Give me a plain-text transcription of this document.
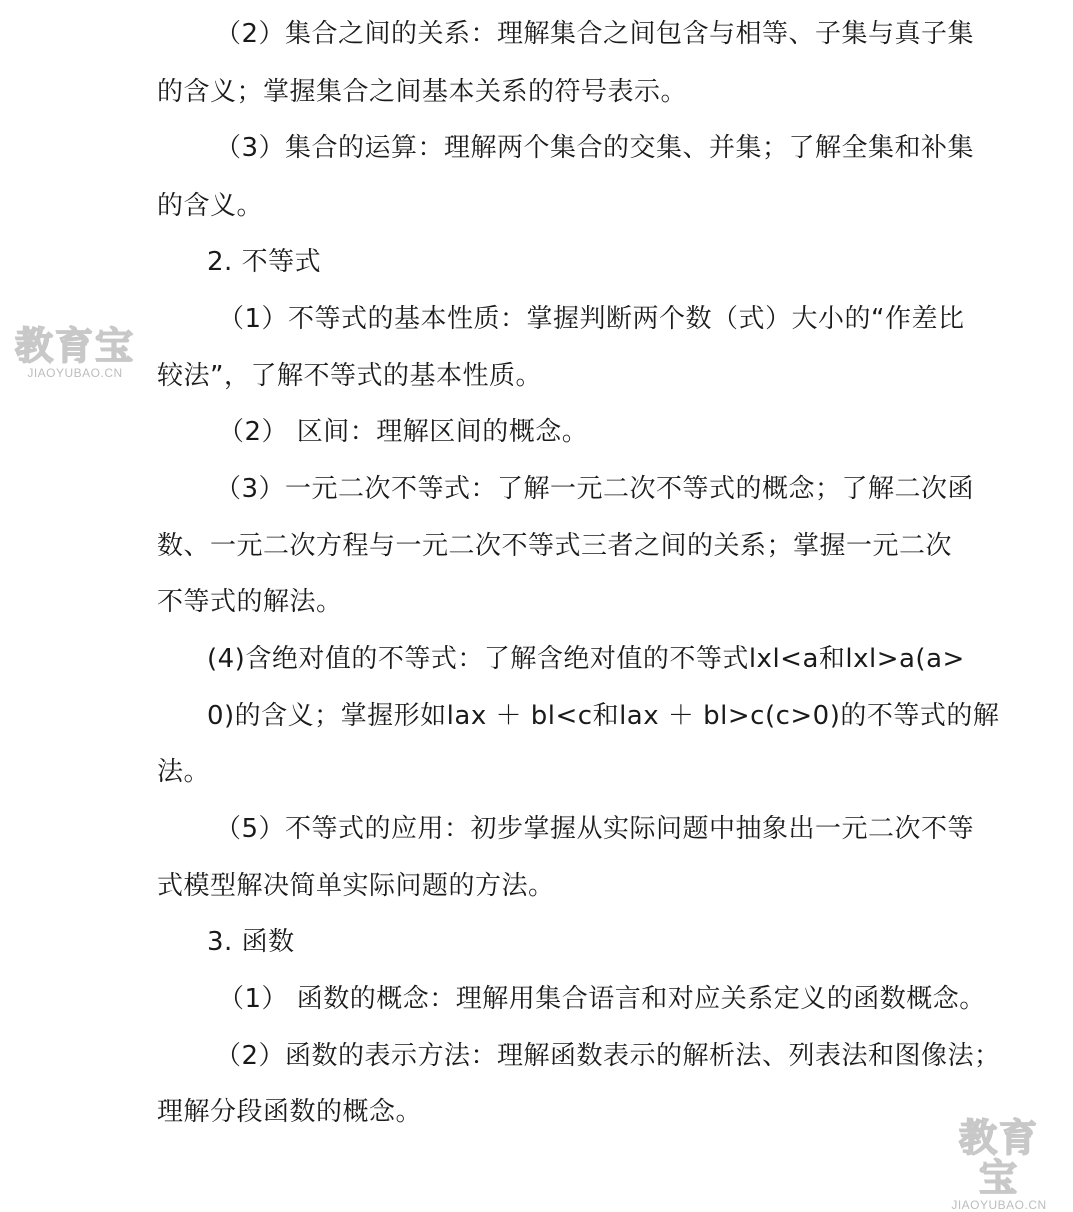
（2）集合之间的关系：理解集合之间包含与相等、子集与真子集
的含义；掌握集合之间基本关系的符号表示。
（3）集合的运算：理解两个集合的交集、并集；了解全集和补集
的含义。
2. 不等式
（1）不等式的基本性质：掌握判断两个数（式）大小的“作差比
较法”，了解不等式的基本性质。
（2） 区间：理解区间的概念。
（3）一元二次不等式：了解一元二次不等式的概念；了解二次函
数、一元二次方程与一元二次不等式三者之间的关系；掌握一元二次
不等式的解法。
(4)含绝对值的不等式：了解含绝对值的不等式lxl<a和lxl>a(a>
0)的含义；掌握形如lax ＋ bl<c和lax ＋ bl>c(c>0)的不等式的解
法。
（5）不等式的应用：初步掌握从实际问题中抽象出一元二次不等
式模型解决简单实际问题的方法。
3. 函数
（1） 函数的概念：理解用集合语言和对应关系定义的函数概念。
（2）函数的表示方法：理解函数表示的解析法、列表法和图像法；
理解分段函数的概念。
教育宝
JIAOYUBAO.CN
教育宝
JIAOYUBAO.CN
